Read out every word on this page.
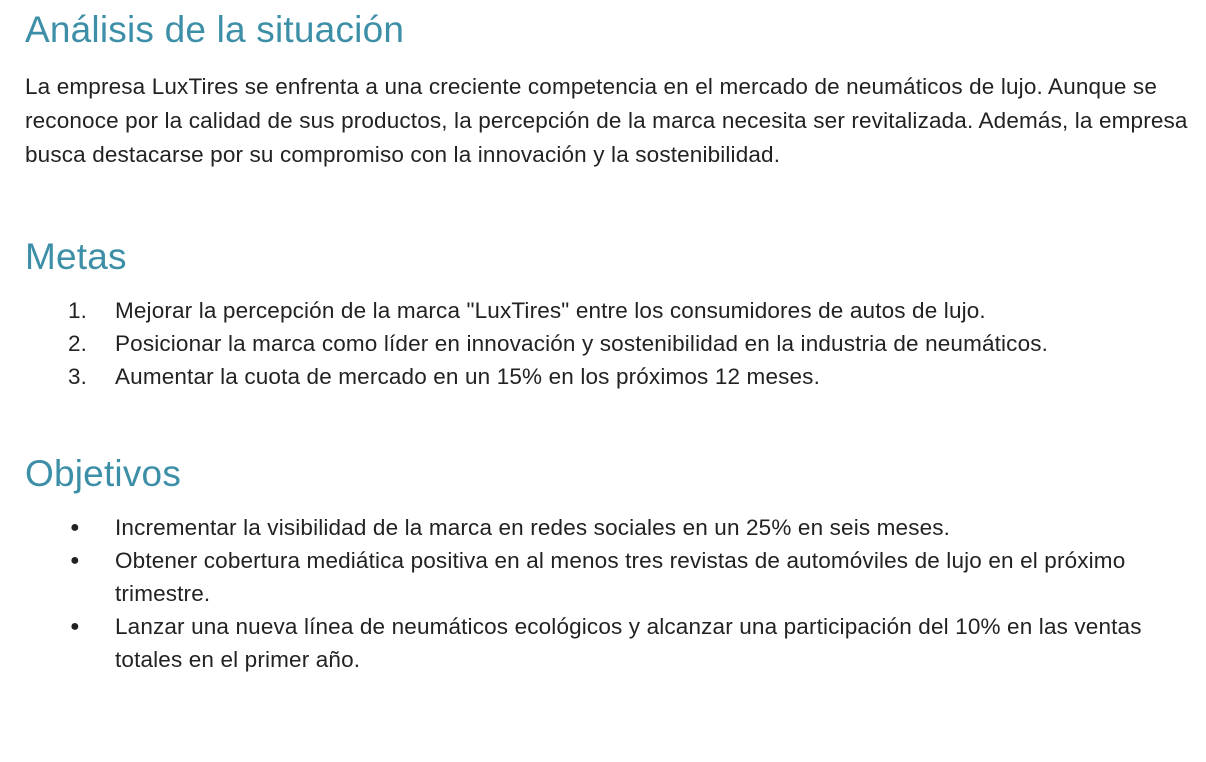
Análisis de la situación

La empresa LuxTires se enfrenta a una creciente competencia en el mercado de neumáticos de lujo. Aunque se reconoce por la calidad de sus productos, la percepción de la marca necesita ser revitalizada. Además, la empresa busca destacarse por su compromiso con la innovación y la sostenibilidad.

Metas
1.	Mejorar la percepción de la marca "LuxTires" entre los consumidores de autos de lujo.
2.	Posicionar la marca como líder en innovación y sostenibilidad en la industria de neumáticos.
3.	Aumentar la cuota de mercado en un 15% en los próximos 12 meses.
Objetivos
●	Incrementar la visibilidad de la marca en redes sociales en un 25% en seis meses.
●	Obtener cobertura mediática positiva en al menos tres revistas de automóviles de lujo en el próximo trimestre.
●	Lanzar una nueva línea de neumáticos ecológicos y alcanzar una participación del 10% en las ventas totales en el primer año.
